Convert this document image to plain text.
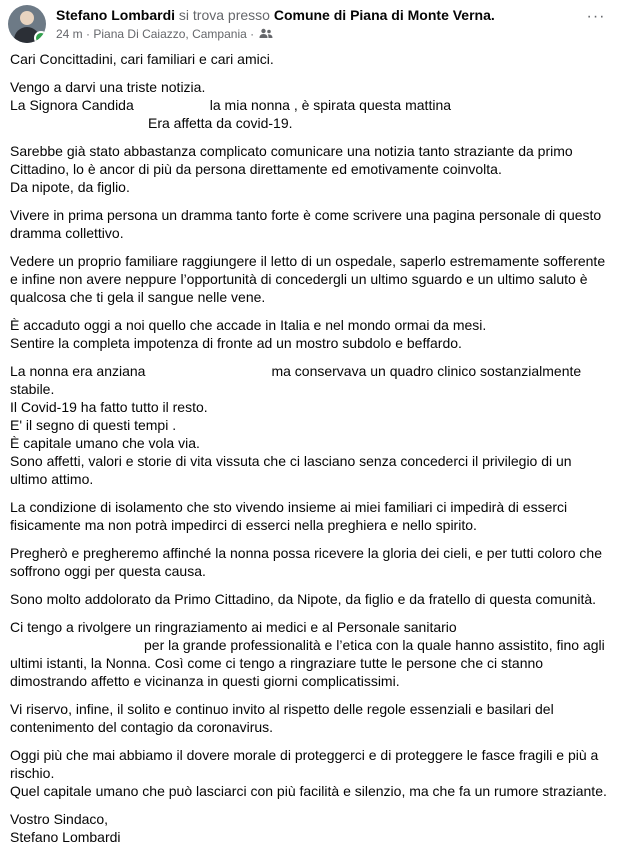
Stefano Lombardi si trova presso Comune di Piana di Monte Verna.
24 m · Piana Di Caiazzo, Campania ·
···

Cari Concittadini, cari familiari e cari amici.

Vengo a darvi una triste notizia.
La Signora Candida	la mia nonna , è spirata questa mattina
Era affetta da covid-19.

Sarebbe già stato abbastanza complicato comunicare una notizia tanto straziante da primo Cittadino, lo è ancor di più da persona direttamente ed emotivamente coinvolta.
Da nipote, da figlio.

Vivere in prima persona un dramma tanto forte è come scrivere una pagina personale di questo dramma collettivo.

Vedere un proprio familiare raggiungere il letto di un ospedale, saperlo estremamente sofferente e infine non avere neppure l’opportunità di concedergli un ultimo sguardo e un ultimo saluto è qualcosa che ti gela il sangue nelle vene.

È accaduto oggi a noi quello che accade in Italia e nel mondo ormai da mesi.
Sentire la completa impotenza di fronte ad un mostro subdolo e beffardo.

La nonna era anziana	ma conservava un quadro clinico sostanzialmente stabile.
Il Covid-19 ha fatto tutto il resto.
E' il segno di questi tempi .
È capitale umano che vola via.
Sono affetti, valori e storie di vita vissuta che ci lasciano senza concederci il privilegio di un ultimo attimo.

La condizione di isolamento che sto vivendo insieme ai miei familiari ci impedirà di esserci fisicamente ma non potrà impedirci di esserci nella preghiera e nello spirito.

Pregherò e pregheremo affinché la nonna possa ricevere la gloria dei cieli, e per tutti coloro che soffrono oggi per questa causa.

Sono molto addolorato da Primo Cittadino, da Nipote, da figlio e da fratello di questa comunità.

Ci tengo a rivolgere un ringraziamento ai medici e al Personale sanitario
per la grande professionalità e l’etica con la quale hanno assistito, fino agli ultimi istanti, la Nonna. Così come ci tengo a ringraziare tutte le persone che ci stanno dimostrando affetto e vicinanza in questi giorni complicatissimi.

Vi riservo, infine, il solito e continuo invito al rispetto delle regole essenziali e basilari del contenimento del contagio da coronavirus.

Oggi più che mai abbiamo il dovere morale di proteggerci e di proteggere le fasce fragili e più a rischio.
Quel capitale umano che può lasciarci con più facilità e silenzio, ma che fa un rumore straziante.

Vostro Sindaco,
Stefano Lombardi
